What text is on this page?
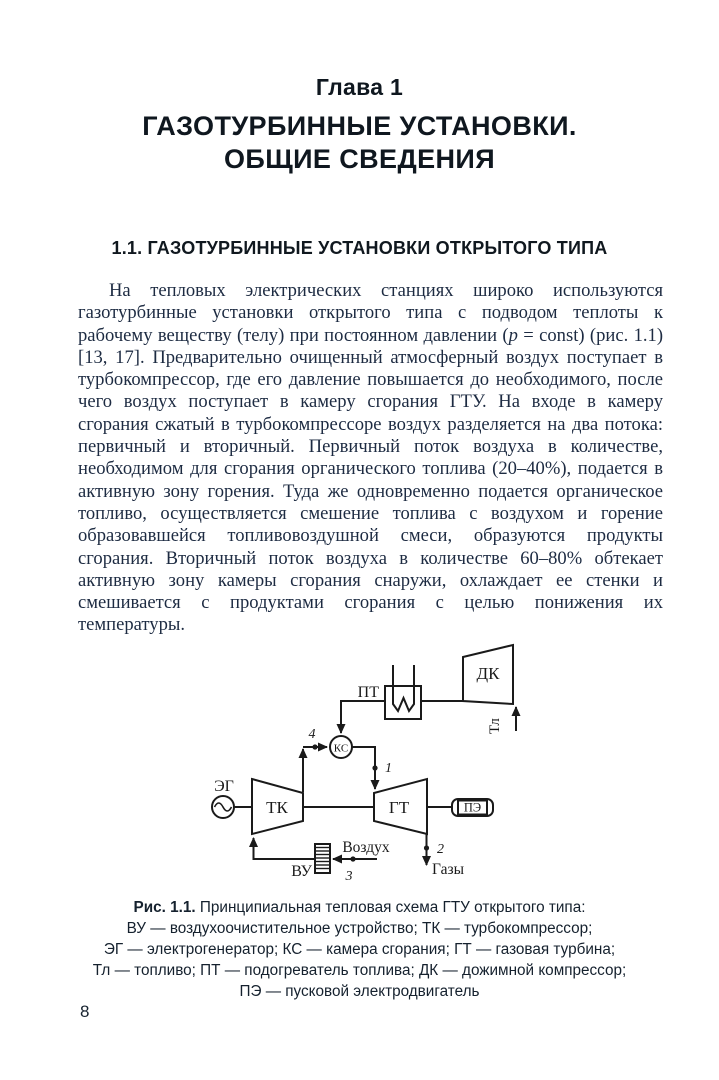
Глава 1
ГАЗОТУРБИННЫЕ УСТАНОВКИ.
ОБЩИЕ СВЕДЕНИЯ
1.1. ГАЗОТУРБИННЫЕ УСТАНОВКИ ОТКРЫТОГО ТИПА

На тепловых электрических станциях широко используются газотурбинные установки открытого типа с подводом теплоты к рабочему веществу (телу) при постоянном давлении (p = const) (рис. 1.1) [13, 17]. Предварительно очищенный атмосферный воздух поступает в турбокомпрессор, где его давление повышается до необходимого, после чего воздух поступает в камеру сгорания ГТУ. На входе в камеру сгорания сжатый в турбокомпрессоре воздух разделяется на два потока: первичный и вторичный. Первичный поток воздуха в количестве, необходимом для сгорания органического топлива (20–40%), подается в активную зону горения. Туда же одновременно подается органическое топливо, осуществляется смешение топлива с воздухом и горение образовавшейся топливовоздушной смеси, образуются продукты сгорания. Вторичный поток воздуха в количестве 60–80% обтекает активную зону камеры сгорания снаружи, охлаждает ее стенки и смешивается с продуктами сгорания с целью понижения их температуры.

ДК
Тл
ПТ
КС
ТК	ГТ
ЭГ
ПЭ
ВУ
Воздух
Газы
4
1
2
3
Рис. 1.1. Принципиальная тепловая схема ГТУ открытого типа:
ВУ — воздухоочистительное устройство; ТК — турбокомпрессор;
ЭГ — электрогенератор; КС — камера сгорания; ГТ — газовая турбина;
Тл — топливо; ПТ — подогреватель топлива; ДК — дожимной компрессор;
ПЭ — пусковой электродвигатель
8
